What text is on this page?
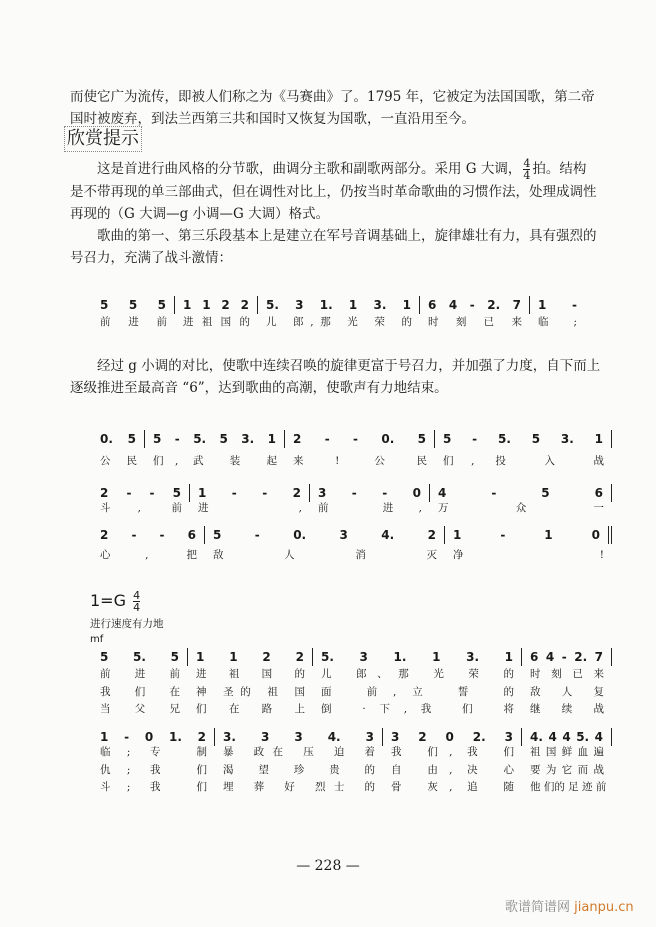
而使它广为流传，即被人们称之为《马赛曲》了。1795 年，它被定为法国国歌，第二帝
国时被废弃，到法兰西第三共和国时又恢复为国歌，一直沿用至今。
欣赏提示
　　这是首进行曲风格的分节歌，曲调分主歌和副歌两部分。采用 G 大调， $\frac{4}{4}$ 拍。结构
是不带再现的单三部曲式，但在调性对比上，仍按当时革命歌曲的习惯作法，处理成调性
再现的（G 大调—g 小调—G 大调）格式。
　　歌曲的第一、第三乐段基本上是建立在军号音调基础上，旋律雄壮有力，具有强烈的
号召力，充满了战斗激情：
　　经过 g 小调的对比，使歌中连续召唤的旋律更富于号召力，并加强了力度，自下而上
逐级推进至最高音 “6”，达到歌曲的高潮，使歌声有力地结束。
$1=G \frac{4}{4}$
进行速度有力地
mf
5 5 5	1 1 2 2	5. 3 1. 1 3. 1	6 4 - 2. 7	1 -
前 进 前	进 祖 国 的	儿 郎,那 光 荣 的	时 刻 已 来	临;
0. 5	5 - 5. 5 3. 1	2 - - 0. 5	5 - 5. 5 3. 1
公民	们, 武 装 起	来! 公民	们, 投 入 战
2 - - 5	1 - - 2	3 - - 0	4 - 5 6
斗, 前	进,	前 进,	万 众 一
2 - - 6	5 - 0. 3 4. 2	1 - 1 0
心, 把	敌 人 消 灭	净!
5 5. 5	1 1 2 2	5. 3 1. 1 3. 1	6 4 - 2. 7
前 进 前	进 祖 国 的	儿 郎、那 光 荣 的	时 刻 已 来
我 们 在	神 圣的 祖 国	面 前,立 誓 的	敌 人 复
当 父 兄	们 在 路 上	倒 ·下,我 们 将	继 续 战
1 - 0 1. 2	3. 3 3 4. 3	3 2 0 2. 3	4. 4 4 5. 4
临; 专 制	暴 政在 压 迫 着	我 们, 我 们	祖 国 鲜 血 遍
仇; 我 们	渴 望 珍 贵 的	自 由, 决 心	要 为 它 而 战
斗; 我 们	埋 葬 好 烈士 的	骨 灰, 追 随	他 们的 足 迹 前
— 228 —
歌谱简谱网 jianpu.cn
